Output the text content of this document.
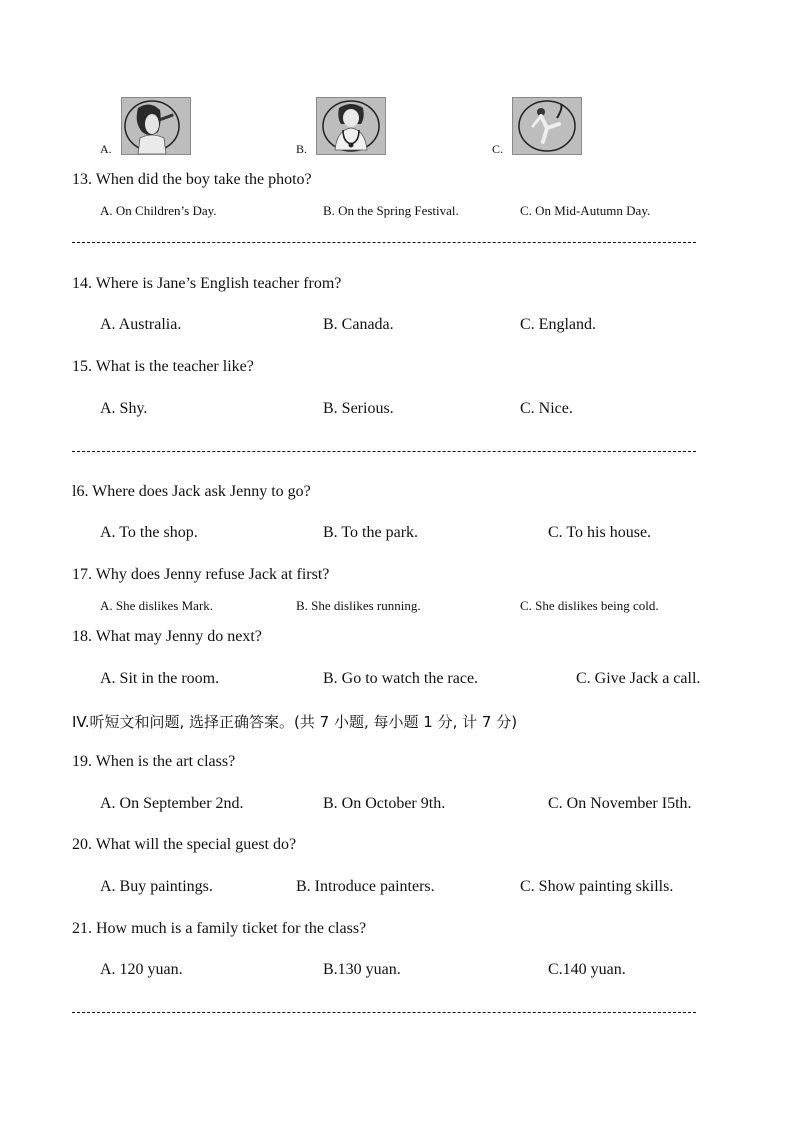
A.	B.	C.
13. When did the boy take the photo?
A. On Children’s Day.	B. On the Spring Festival.	C. On Mid-Autumn Day.
14. Where is Jane’s English teacher from?
A. Australia.	B. Canada.	C. England.
15. What is the teacher like?
A. Shy.	B. Serious.	C. Nice.
l6. Where does Jack ask Jenny to go?
A. To the shop.	B. To the park.	C. To his house.
17. Why does Jenny refuse Jack at first?
A. She dislikes Mark.	B. She dislikes running.	C. She dislikes being cold.
18. What may Jenny do next?
A. Sit in the room.	B. Go to watch the race.	C. Give Jack a call.
IV.听短文和问题, 选择正确答案。(共 7 小题, 每小题 1 分, 计 7 分)
19. When is the art class?
A. On September 2nd.	B. On October 9th.	C. On November I5th.
20. What will the special guest do?
A. Buy paintings.	B. Introduce painters.	C. Show painting skills.
21. How much is a family ticket for the class?
A. 120 yuan.	B.130 yuan.	C.140 yuan.
